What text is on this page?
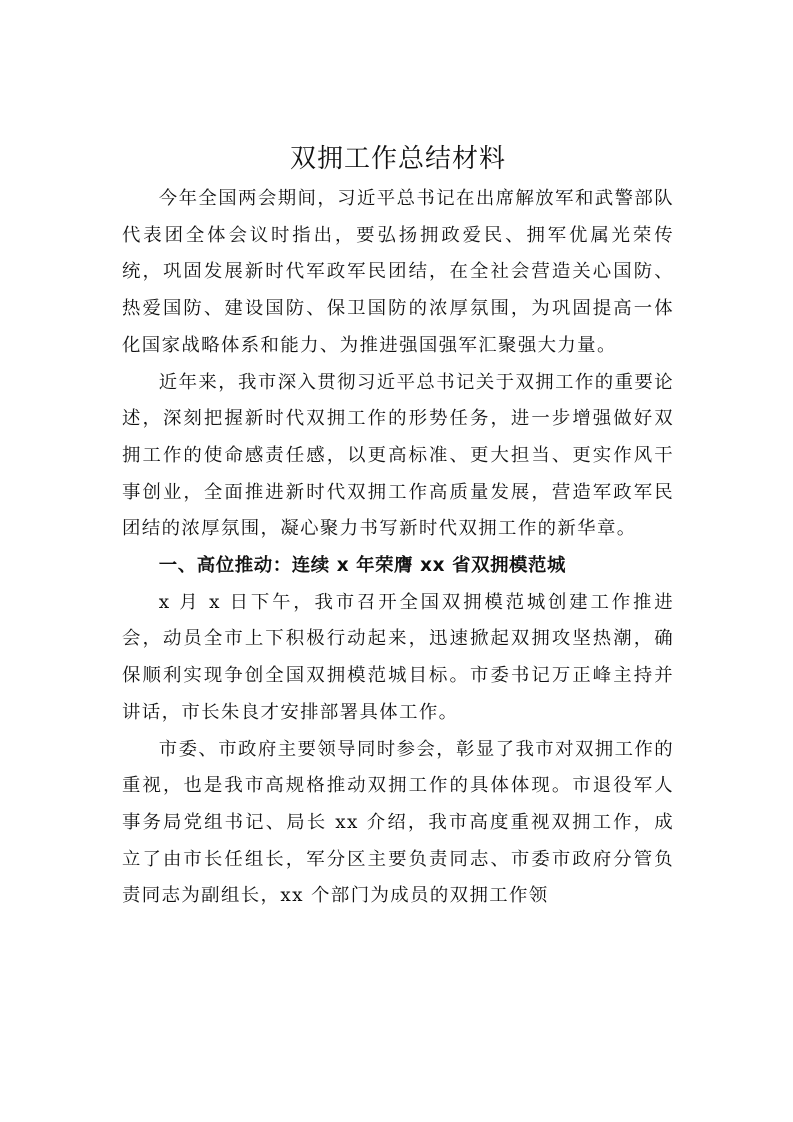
双拥工作总结材料

今年全国两会期间，习近平总书记在出席解放军和武警部队代表团全体会议时指出，要弘扬拥政爱民、拥军优属光荣传统，巩固发展新时代军政军民团结，在全社会营造关心国防、热爱国防、建设国防、保卫国防的浓厚氛围，为巩固提高一体化国家战略体系和能力、为推进强国强军汇聚强大力量。

近年来，我市深入贯彻习近平总书记关于双拥工作的重要论述，深刻把握新时代双拥工作的形势任务，进一步增强做好双拥工作的使命感责任感，以更高标准、更大担当、更实作风干事创业，全面推进新时代双拥工作高质量发展，营造军政军民团结的浓厚氛围，凝心聚力书写新时代双拥工作的新华章。

一、高位推动：连续 x 年荣膺 xx 省双拥模范城

x 月 x 日下午，我市召开全国双拥模范城创建工作推进会，动员全市上下积极行动起来，迅速掀起双拥攻坚热潮，确保顺利实现争创全国双拥模范城目标。市委书记万正峰主持并讲话，市长朱良才安排部署具体工作。

市委、市政府主要领导同时参会，彰显了我市对双拥工作的重视，也是我市高规格推动双拥工作的具体体现。市退役军人事务局党组书记、局长 xx 介绍，我市高度重视双拥工作，成立了由市长任组长，军分区主要负责同志、市委市政府分管负责同志为副组长，xx 个部门为成员的双拥工作领
